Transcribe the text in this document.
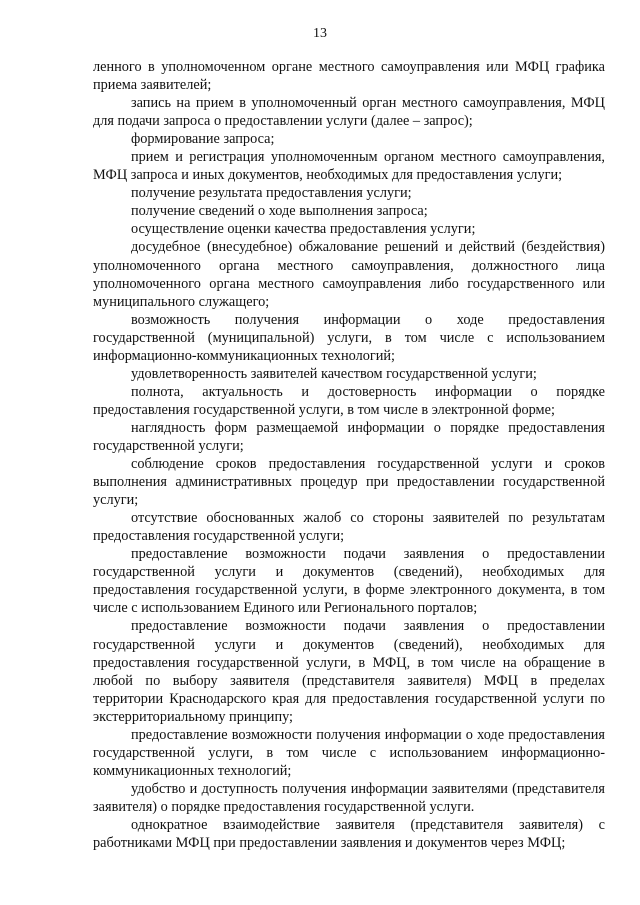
13

ленного в уполномоченном органе местного самоуправления или МФЦ графика приема заявителей;

запись на прием в уполномоченный орган местного самоуправления, МФЦ для подачи запроса о предоставлении услуги (далее – запрос);

формирование запроса;

прием и регистрация уполномоченным органом местного самоуправления, МФЦ запроса и иных документов, необходимых для предоставления услуги;

получение результата предоставления услуги;

получение сведений о ходе выполнения запроса;

осуществление оценки качества предоставления услуги;

досудебное (внесудебное) обжалование решений и действий (бездействия) уполномоченного органа местного самоуправления, должностного лица уполномоченного органа местного самоуправления либо государственного или муниципального служащего;

возможность получения информации о ходе предоставления государственной (муниципальной) услуги, в том числе с использованием информационно-коммуникационных технологий;

удовлетворенность заявителей качеством государственной услуги;

полнота, актуальность и достоверность информации о порядке предоставления государственной услуги, в том числе в электронной форме;

наглядность форм размещаемой информации о порядке предоставления государственной услуги;

соблюдение сроков предоставления государственной услуги и сроков выполнения административных процедур при предоставлении государственной услуги;

отсутствие обоснованных жалоб со стороны заявителей по результатам предоставления государственной услуги;

предоставление возможности подачи заявления о предоставлении государственной услуги и документов (сведений), необходимых для предоставления государственной услуги, в форме электронного документа, в том числе с использованием Единого или Регионального порталов;

предоставление возможности подачи заявления о предоставлении государственной услуги и документов (сведений), необходимых для предоставления государственной услуги, в МФЦ, в том числе на обращение в любой по выбору заявителя (представителя заявителя) МФЦ в пределах территории Краснодарского края для предоставления государственной услуги по экстерриториальному принципу;

предоставление возможности получения информации о ходе предоставления государственной услуги, в том числе с использованием информационно-коммуникационных технологий;

удобство и доступность получения информации заявителями (представителя заявителя) о порядке предоставления государственной услуги.

однократное взаимодействие заявителя (представителя заявителя) с работниками МФЦ при предоставлении заявления и документов через МФЦ;
